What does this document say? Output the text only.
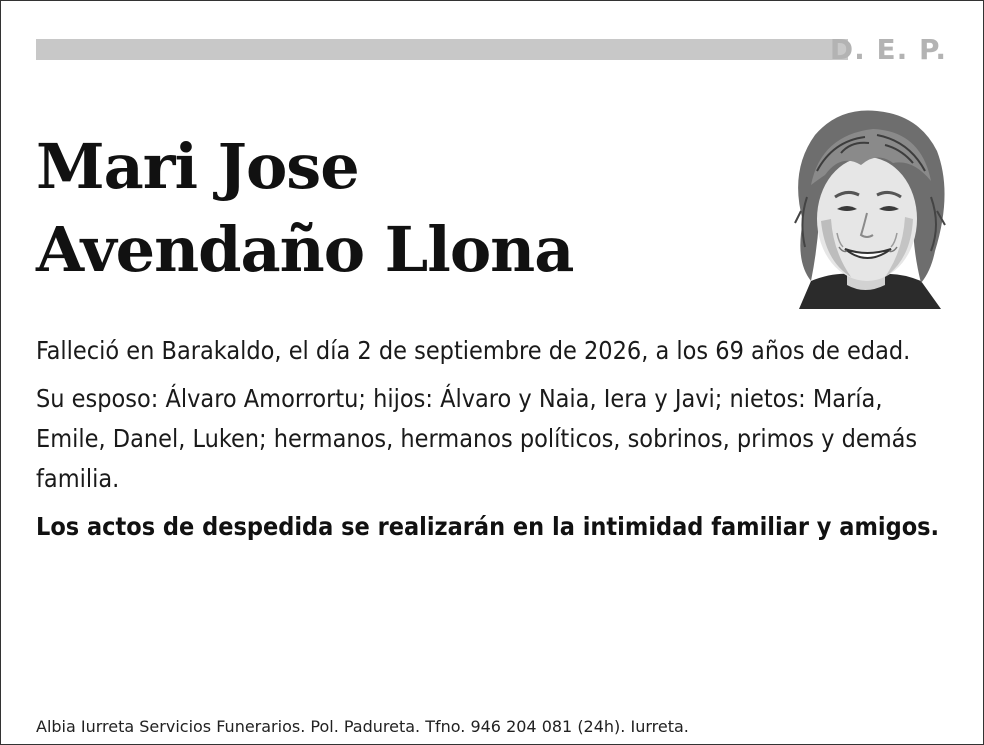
D. E. P.
Mari Jose
Avendaño Llona

Falleció en Barakaldo, el día 2 de septiembre de 2026, a los 69 años de edad.

Su esposo: Álvaro Amorrortu; hijos: Álvaro y Naia, Iera y Javi; nietos: María, Emile, Danel, Luken; hermanos, hermanos políticos, sobrinos, primos y demás familia.

Los actos de despedida se realizarán en la intimidad familiar y amigos.

Albia Iurreta Servicios Funerarios. Pol. Padureta. Tfno. 946 204 081 (24h). Iurreta.
